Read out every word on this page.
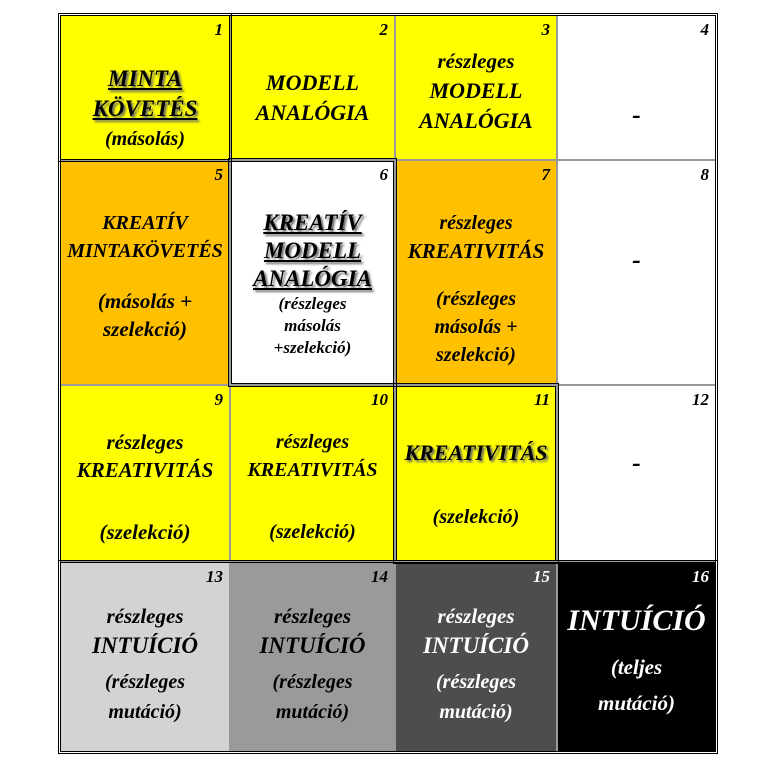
1
MINTA
KÖVETÉS
(másolás)
2
MODELL
ANALÓGIA
3
részleges
MODELL
ANALÓGIA
4
-
5
KREATÍV
MINTAKÖVETÉS
(másolás +
szelekció)
6
KREATÍV
MODELL
ANALÓGIA
(részleges
másolás
+szelekció)
7
részleges
KREATIVITÁS
(részleges
másolás +
szelekció)
8
-
9
részleges
KREATIVITÁS
(szelekció)
10
részleges
KREATIVITÁS
(szelekció)
11
KREATIVITÁS
(szelekció)
12
-
13
részleges
INTUÍCIÓ
(részleges
mutáció)
14
részleges
INTUÍCIÓ
(részleges
mutáció)
15
részleges
INTUÍCIÓ
(részleges
mutáció)
16
INTUÍCIÓ
(teljes
mutáció)
